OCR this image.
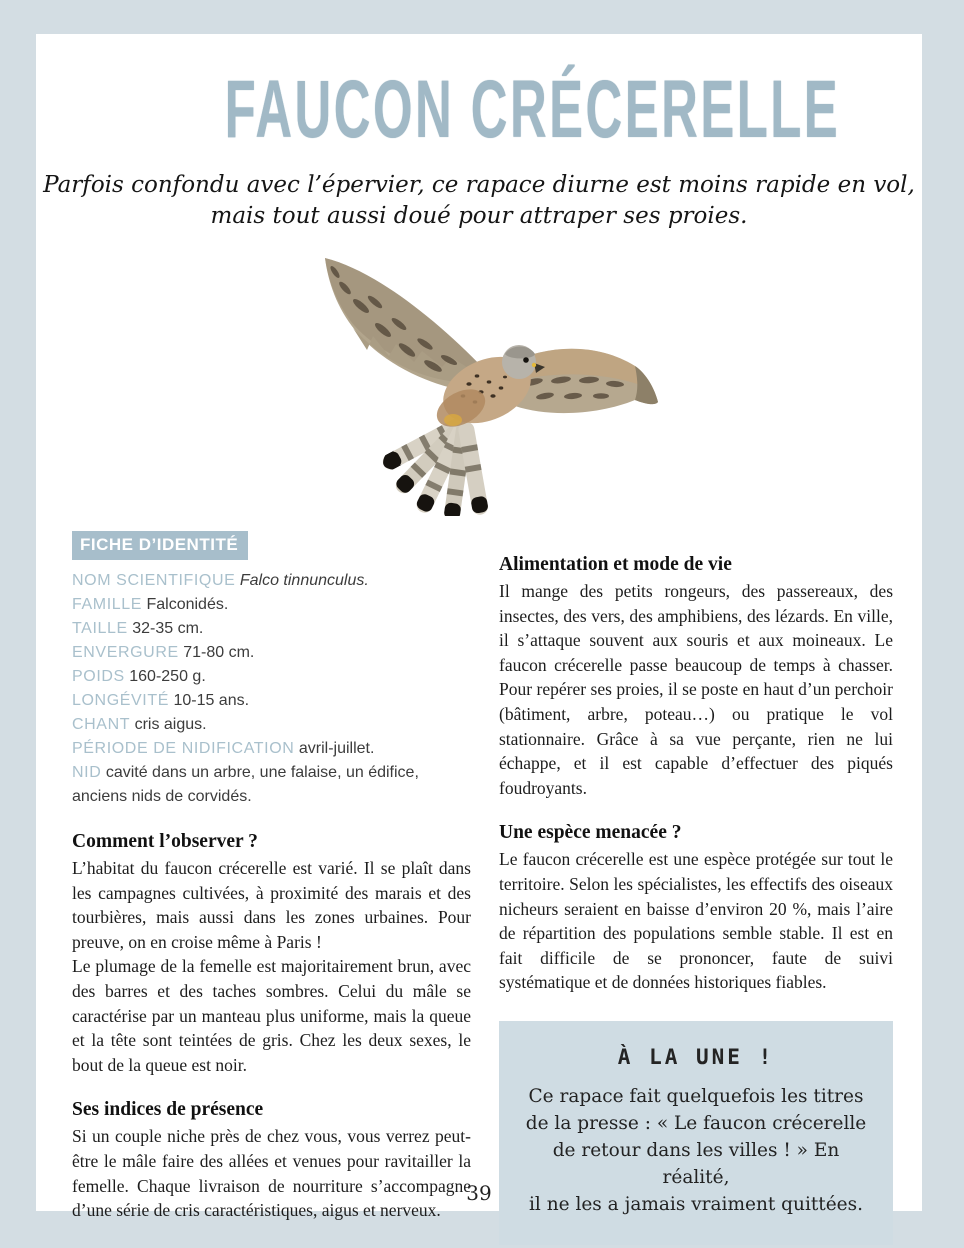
FAUCON CRÉCERELLE
Parfois confondu avec l’épervier, ce rapace diurne est moins rapide en vol,
mais tout aussi doué pour attraper ses proies.
FICHE D’IDENTITÉ
NOM SCIENTIFIQUE Falco tinnunculus.
FAMILLE Falconidés.
TAILLE 32-35 cm.
ENVERGURE 71-80 cm.
POIDS 160-250 g.
LONGÉVITÉ 10-15 ans.
CHANT cris aigus.
PÉRIODE DE NIDIFICATION avril-juillet.
NID cavité dans un arbre, une falaise, un édifice, anciens nids de corvidés.
Comment l’observer ?

L’habitat du faucon crécerelle est varié. Il se plaît dans les campagnes cultivées, à proximité des marais et des tourbières, mais aussi dans les zones urbaines. Pour preuve, on en croise même à Paris !

Le plumage de la femelle est majoritairement brun, avec des barres et des taches sombres. Celui du mâle se caractérise par un manteau plus uniforme, mais la queue et la tête sont teintées de gris. Chez les deux sexes, le bout de la queue est noir.

Ses indices de présence

Si un couple niche près de chez vous, vous verrez peut-être le mâle faire des allées et venues pour ravitailler la femelle. Chaque livraison de nourriture s’accompagne d’une série de cris caractéristiques, aigus et nerveux.

Alimentation et mode de vie

Il mange des petits rongeurs, des passereaux, des insectes, des vers, des amphibiens, des lézards. En ville, il s’attaque souvent aux souris et aux moineaux. Le faucon crécerelle passe beaucoup de temps à chasser. Pour repérer ses proies, il se poste en haut d’un perchoir (bâtiment, arbre, poteau…) ou pratique le vol stationnaire. Grâce à sa vue perçante, rien ne lui échappe, et il est capable d’effectuer des piqués foudroyants.

Une espèce menacée ?

Le faucon crécerelle est une espèce protégée sur tout le territoire. Selon les spécialistes, les effectifs des oiseaux nicheurs seraient en baisse d’environ 20 %, mais l’aire de répartition des populations semble stable. Il est en fait difficile de se prononcer, faute de suivi systématique et de données historiques fiables.

À LA UNE !
Ce rapace fait quelquefois les titres
de la presse : « Le faucon crécerelle
de retour dans les villes ! » En réalité,
il ne les a jamais vraiment quittées.
39
